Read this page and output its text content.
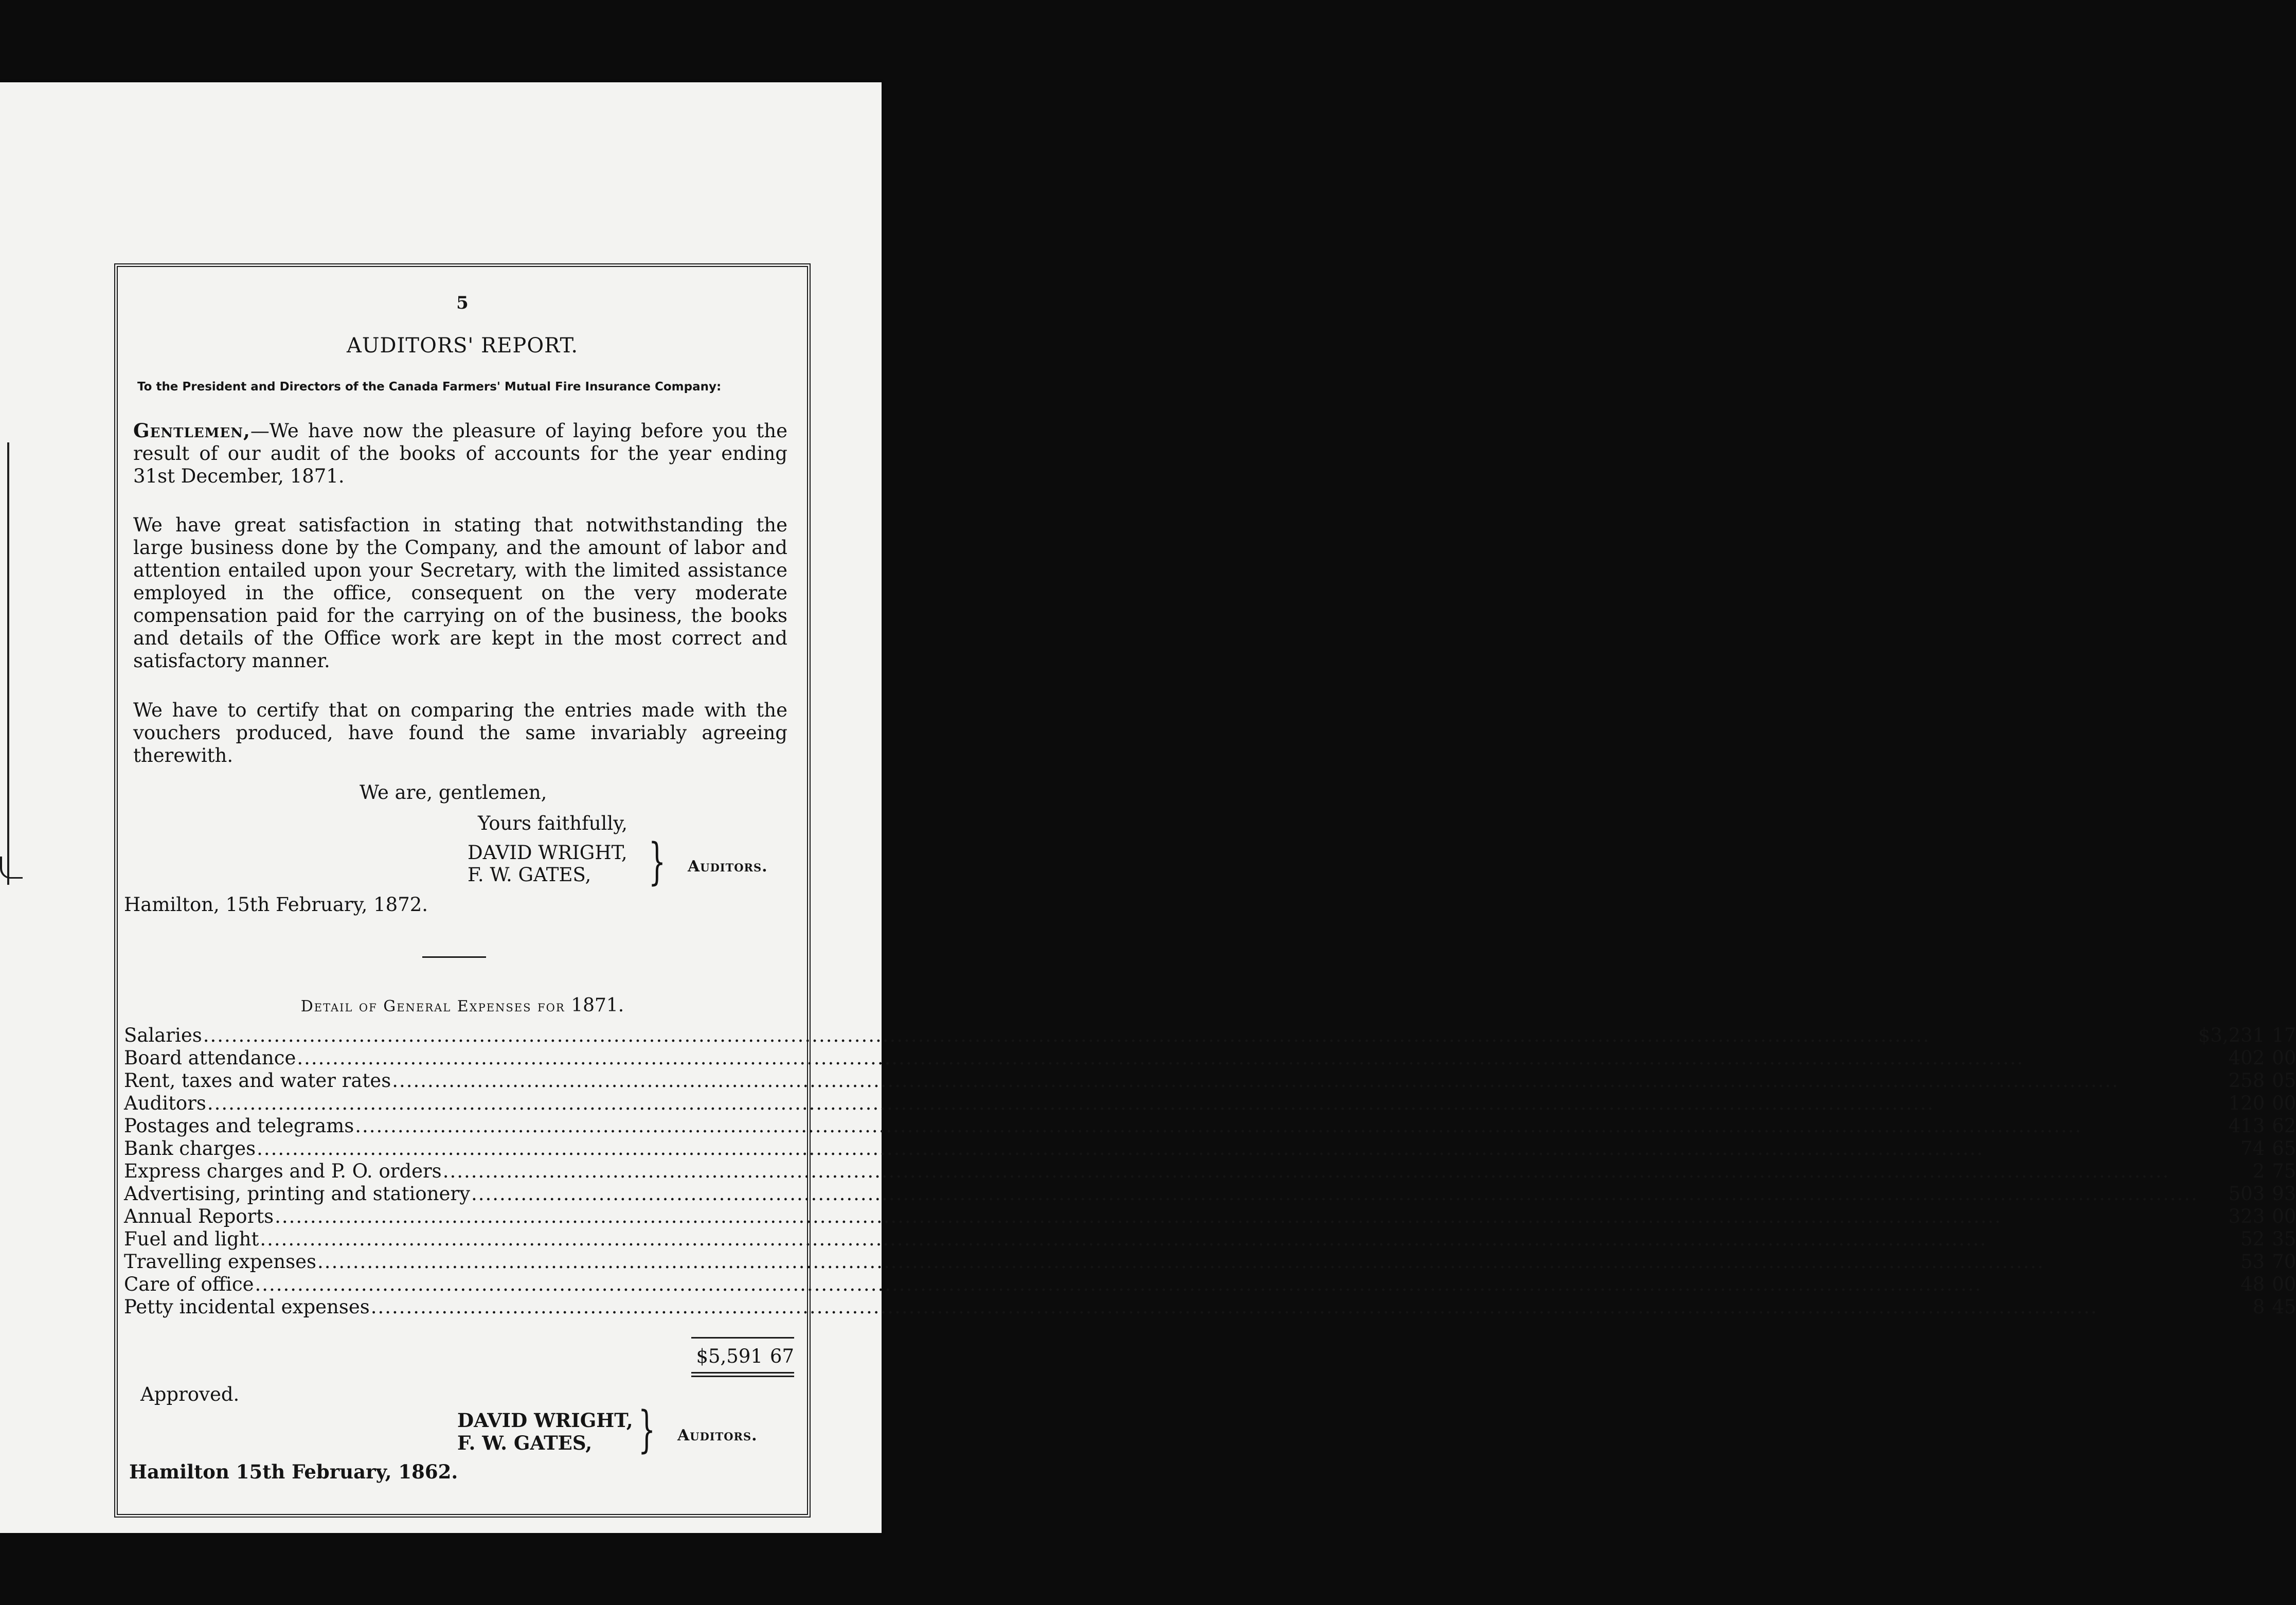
5
AUDITORS' REPORT.
To the President and Directors of the Canada Farmers' Mutual Fire Insurance Company:
Gentlemen,—We have now the pleasure of laying before you the result of our audit of the books of accounts for the year ending 31st December, 1871.
We have great satisfaction in stating that notwithstanding the large business done by the Company, and the amount of labor and attention entailed upon your Secretary, with the limited assistance employed in the office, consequent on the very moderate compensation paid for the carrying on of the business, the books and details of the Office work are kept in the most correct and satisfactory manner.
We have to certify that on comparing the entries made with the vouchers produced, have found the same invariably agreeing therewith.
We are, gentlemen,
Yours faithfully,
DAVID WRIGHT,
F. W. GATES, } Auditors.
Hamilton, 15th February, 1872.
Detail of General Expenses for 1871.
Salaries .....	$3,231	17
Board attendance .....	402	00
Rent, taxes and water rates .....	258	05
Auditors .....	120	00
Postages and telegrams .....	413	62
Bank charges .....	74	65
Express charges and P. O. orders .....	2	75
Advertising, printing and stationery .....	503	93
Annual Reports .....	323	00
Fuel and light .....	52	35
Travelling expenses .....	53	70
Care of office .....	48	00
Petty incidental expenses .....	8	45
$5,591 67
Approved.
DAVID WRIGHT,
F. W. GATES, } Auditors.
Hamilton 15th February, 1862.
